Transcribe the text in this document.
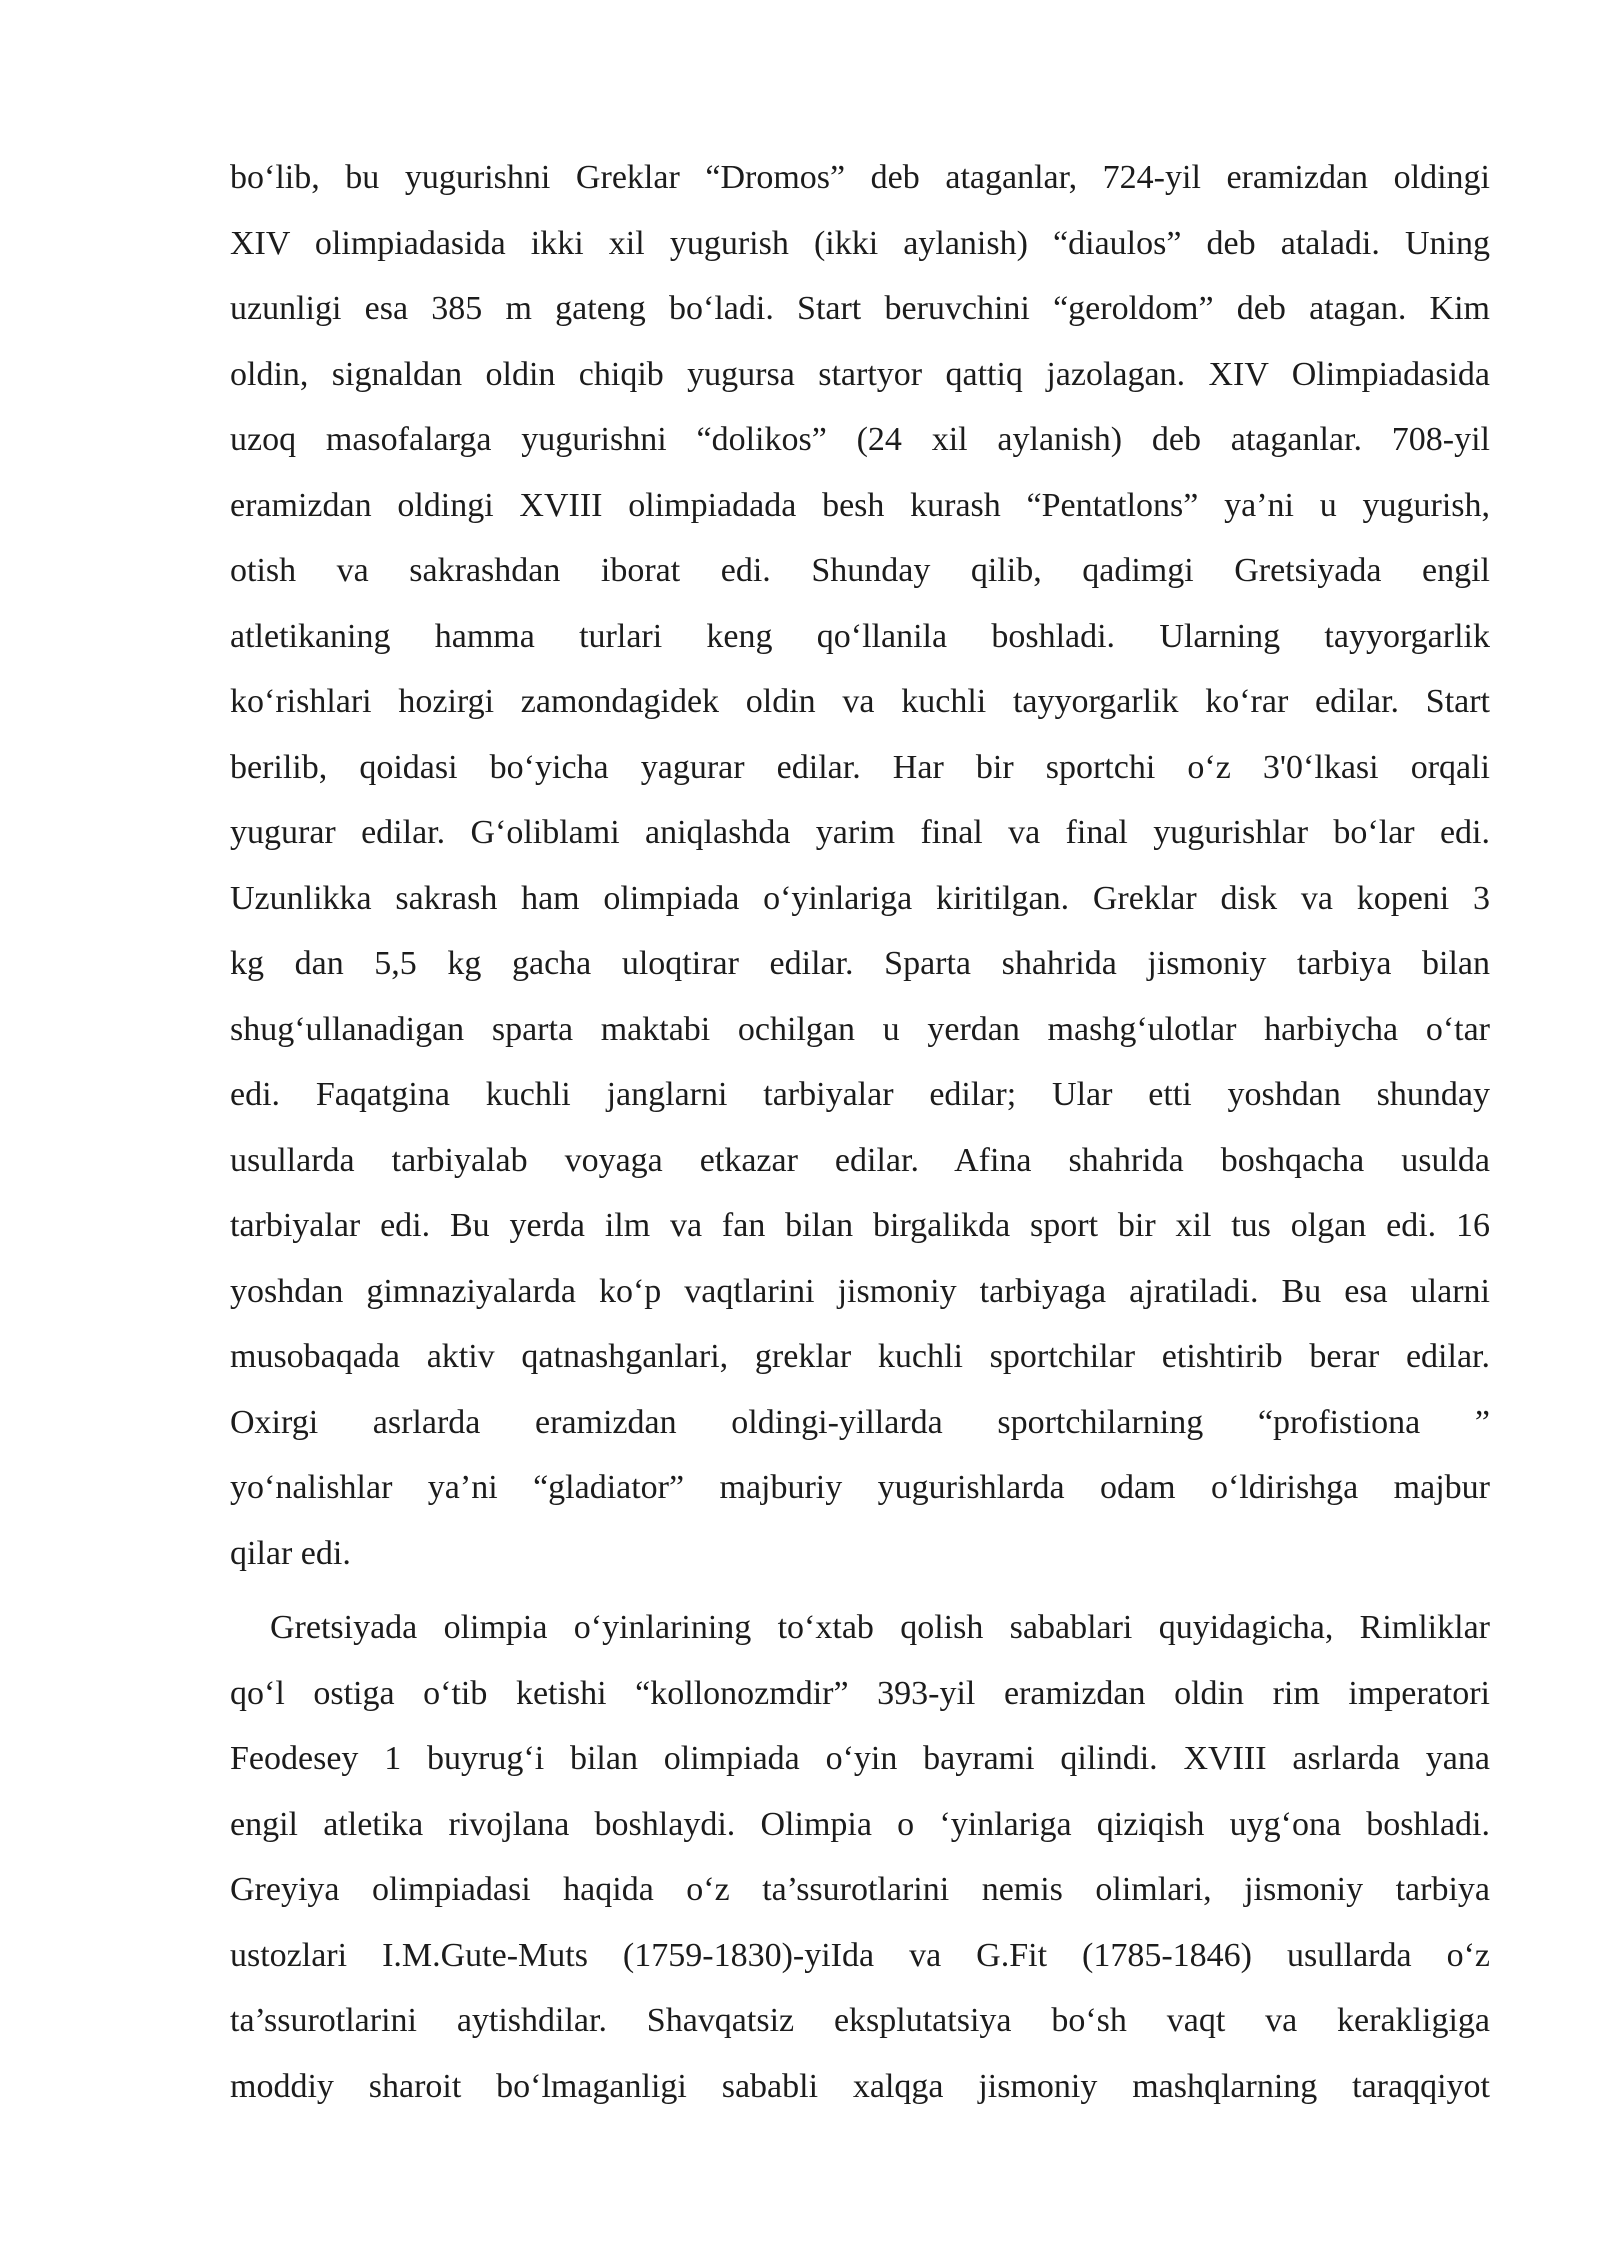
bo‘lib, bu yugurishni Greklar “Dromos” deb ataganlar, 724-yil eramizdan oldingi
XIV olimpiadasida ikki xil yugurish (ikki aylanish) “diaulos” deb ataladi. Uning
uzunligi esa 385 m gateng bo‘ladi. Start beruvchini “geroldom” deb atagan. Kim
oldin, signaldan oldin chiqib yugursa startyor qattiq jazolagan. XIV Olimpiadasida
uzoq masofalarga yugurishni “dolikos” (24 xil aylanish) deb ataganlar. 708-yil
eramizdan oldingi XVIII olimpiadada besh kurash “Pentatlons” ya’ni u yugurish,
otish va sakrashdan iborat edi. Shunday qilib, qadimgi Gretsiyada engil
atletikaning hamma turlari keng qo‘llanila boshladi. Ularning tayyorgarlik
ko‘rishlari hozirgi zamondagidek oldin va kuchli tayyorgarlik ko‘rar edilar. Start
berilib, qoidasi bo‘yicha yagurar edilar. Har bir sportchi o‘z 3'0‘lkasi orqali
yugurar edilar. G‘oliblami aniqlashda yarim final va final yugurishlar bo‘lar edi.
Uzunlikka sakrash ham olimpiada o‘yinlariga kiritilgan. Greklar disk va kopeni 3
kg dan 5,5 kg gacha uloqtirar edilar. Sparta shahrida jismoniy tarbiya bilan
shug‘ullanadigan sparta maktabi ochilgan u yerdan mashg‘ulotlar harbiycha o‘tar
edi. Faqatgina kuchli janglarni tarbiyalar edilar; Ular etti yoshdan shunday
usullarda tarbiyalab voyaga etkazar edilar. Afina shahrida boshqacha usulda
tarbiyalar edi. Bu yerda ilm va fan bilan birgalikda sport bir xil tus olgan edi. 16
yoshdan gimnaziyalarda ko‘p vaqtlarini jismoniy tarbiyaga ajratiladi. Bu esa ularni
musobaqada aktiv qatnashganlari, greklar kuchli sportchilar etishtirib berar edilar.
Oxirgi asrlarda eramizdan oldingi-yillarda sportchilarning “profistiona ”
yo‘nalishlar ya’ni “gladiator” majburiy yugurishlarda odam o‘ldirishga majbur
qilar edi.
Gretsiyada olimpia o‘yinlarining to‘xtab qolish sabablari quyidagicha, Rimliklar
qo‘l ostiga o‘tib ketishi “kollonozmdir” 393-yil eramizdan oldin rim imperatori
Feodesey 1 buyrug‘i bilan olimpiada o‘yin bayrami qilindi. XVIII asrlarda yana
engil atletika rivojlana boshlaydi. Olimpia o ‘yinlariga qiziqish uyg‘ona boshladi.
Greyiya olimpiadasi haqida o‘z ta’ssurotlarini nemis olimlari, jismoniy tarbiya
ustozlari I.M.Gute-Muts (1759-1830)-yiIda va G.Fit (1785-1846) usullarda o‘z
ta’ssurotlarini aytishdilar. Shavqatsiz eksplutatsiya bo‘sh vaqt va kerakligiga
moddiy sharoit bo‘lmaganligi sababli xalqga jismoniy mashqlarning taraqqiyot
